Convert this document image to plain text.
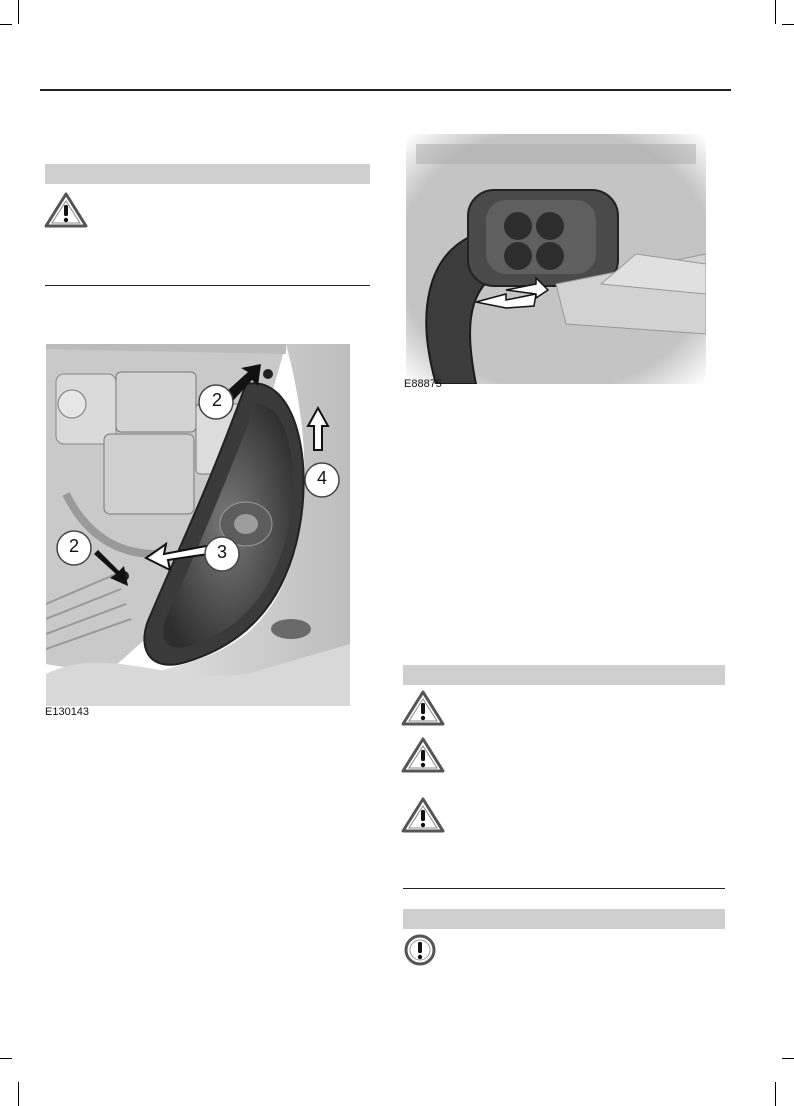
2
2	3
4
E130143
E88875
